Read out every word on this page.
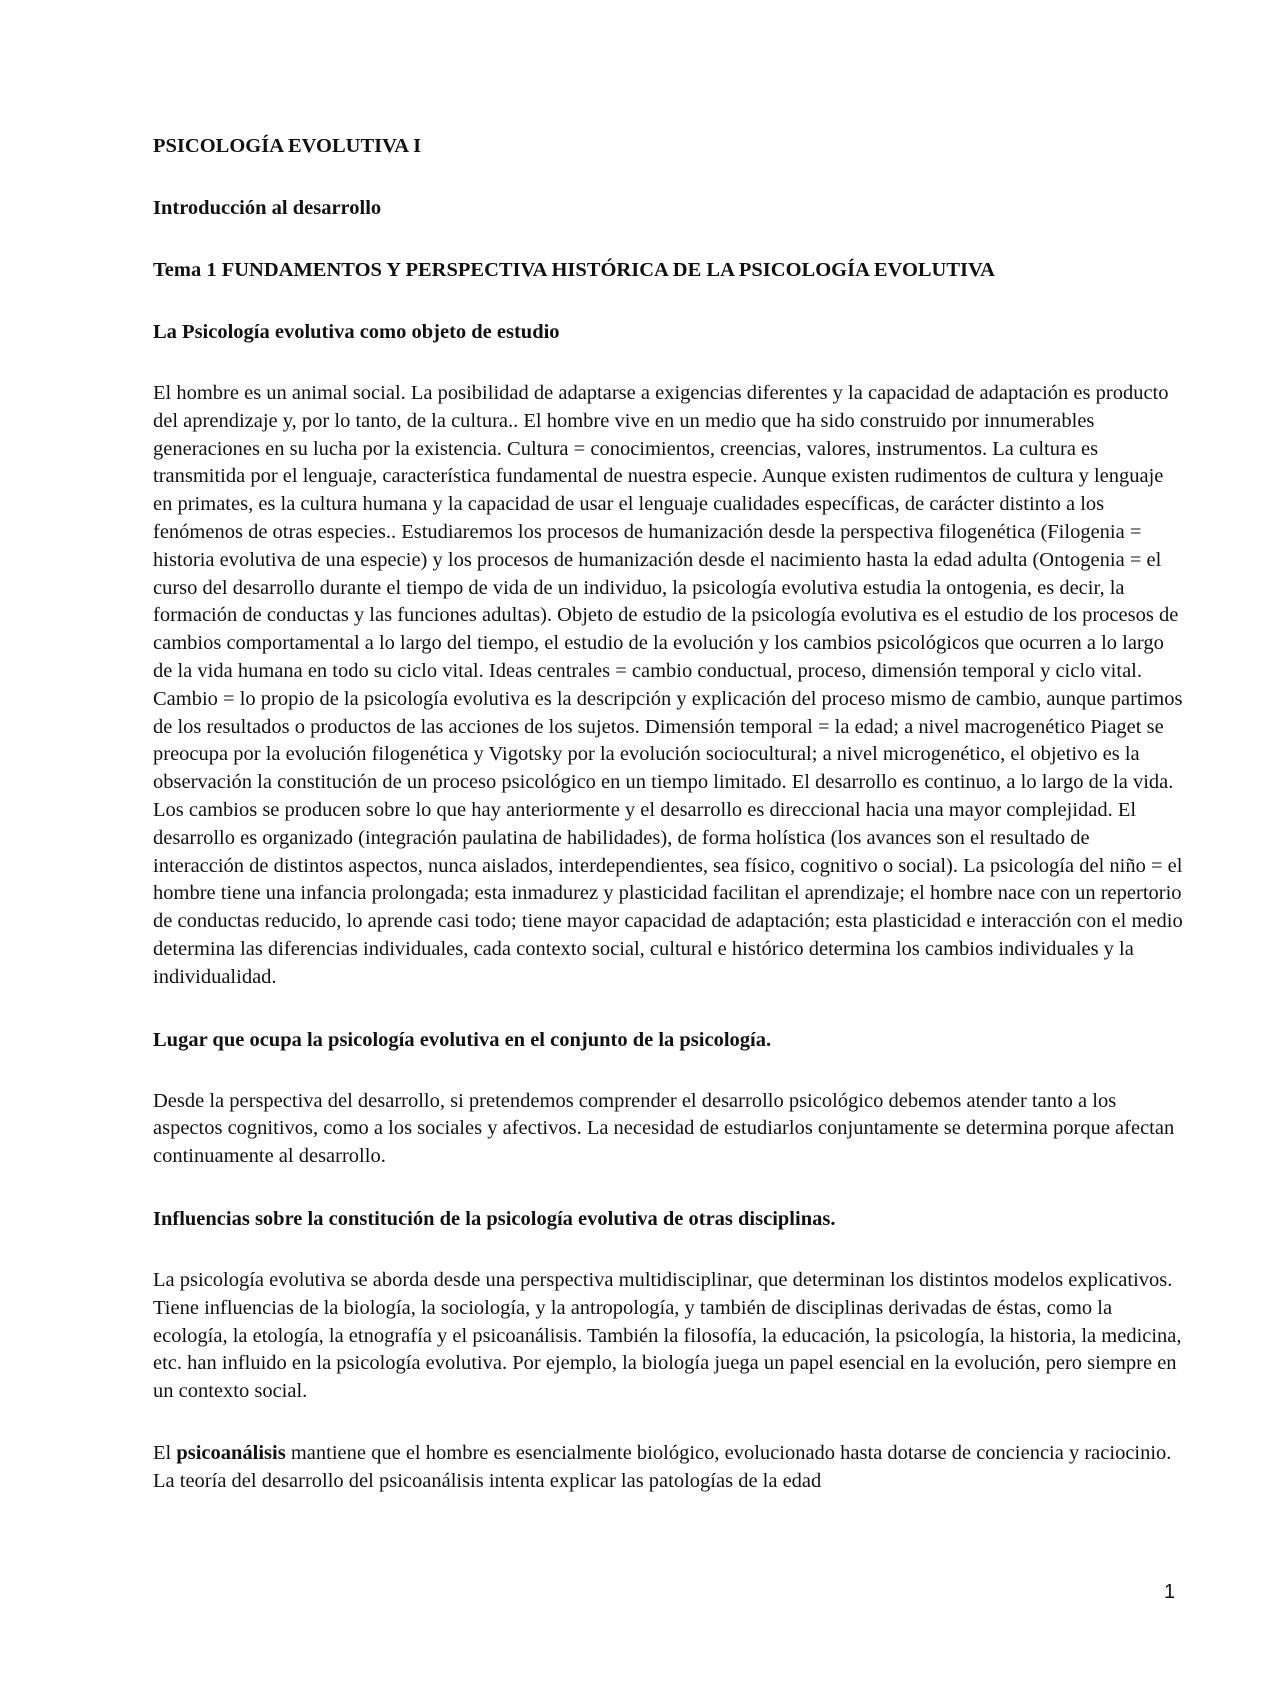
PSICOLOGÍA EVOLUTIVA I

Introducción al desarrollo

Tema 1 FUNDAMENTOS Y PERSPECTIVA HISTÓRICA DE LA PSICOLOGÍA EVOLUTIVA

La Psicología evolutiva como objeto de estudio

El hombre es un animal social. La posibilidad de adaptarse a exigencias diferentes y la capacidad de adaptación es producto del aprendizaje y, por lo tanto, de la cultura.. El hombre vive en un medio que ha sido construido por innumerables generaciones en su lucha por la existencia. Cultura = conocimientos, creencias, valores, instrumentos. La cultura es transmitida por el lenguaje, característica fundamental de nuestra especie. Aunque existen rudimentos de cultura y lenguaje en primates, es la cultura humana y la capacidad de usar el lenguaje cualidades específicas, de carácter distinto a los fenómenos de otras especies.. Estudiaremos los procesos de humanización desde la perspectiva filogenética (Filogenia = historia evolutiva de una especie) y los procesos de humanización desde el nacimiento hasta la edad adulta (Ontogenia = el curso del desarrollo durante el tiempo de vida de un individuo, la psicología evolutiva estudia la ontogenia, es decir, la formación de conductas y las funciones adultas). Objeto de estudio de la psicología evolutiva es el estudio de los procesos de cambios comportamental a lo largo del tiempo, el estudio de la evolución y los cambios psicológicos que ocurren a lo largo de la vida humana en todo su ciclo vital. Ideas centrales = cambio conductual, proceso, dimensión temporal y ciclo vital. Cambio = lo propio de la psicología evolutiva es la descripción y explicación del proceso mismo de cambio, aunque partimos de los resultados o productos de las acciones de los sujetos. Dimensión temporal = la edad; a nivel macrogenético Piaget se preocupa por la evolución filogenética y Vigotsky por la evolución sociocultural; a nivel microgenético, el objetivo es la observación la constitución de un proceso psicológico en un tiempo limitado. El desarrollo es continuo, a lo largo de la vida. Los cambios se producen sobre lo que hay anteriormente y el desarrollo es direccional hacia una mayor complejidad. El desarrollo es organizado (integración paulatina de habilidades), de forma holística (los avances son el resultado de interacción de distintos aspectos, nunca aislados, interdependientes, sea físico, cognitivo o social). La psicología del niño = el hombre tiene una infancia prolongada; esta inmadurez y plasticidad facilitan el aprendizaje; el hombre nace con un repertorio de conductas reducido, lo aprende casi todo; tiene mayor capacidad de adaptación; esta plasticidad e interacción con el medio determina las diferencias individuales, cada contexto social, cultural e histórico determina los cambios individuales y la individualidad.

Lugar que ocupa la psicología evolutiva en el conjunto de la psicología.

Desde la perspectiva del desarrollo, si pretendemos comprender el desarrollo psicológico debemos atender tanto a los aspectos cognitivos, como a los sociales y afectivos. La necesidad de estudiarlos conjuntamente se determina porque afectan continuamente al desarrollo.

Influencias sobre la constitución de la psicología evolutiva de otras disciplinas.

La psicología evolutiva se aborda desde una perspectiva multidisciplinar, que determinan los distintos modelos explicativos. Tiene influencias de la biología, la sociología, y la antropología, y también de disciplinas derivadas de éstas, como la ecología, la etología, la etnografía y el psicoanálisis. También la filosofía, la educación, la psicología, la historia, la medicina, etc. han influido en la psicología evolutiva. Por ejemplo, la biología juega un papel esencial en la evolución, pero siempre en un contexto social.

El psicoanálisis mantiene que el hombre es esencialmente biológico, evolucionado hasta dotarse de conciencia y raciocinio. La teoría del desarrollo del psicoanálisis intenta explicar las patologías de la edad

1
